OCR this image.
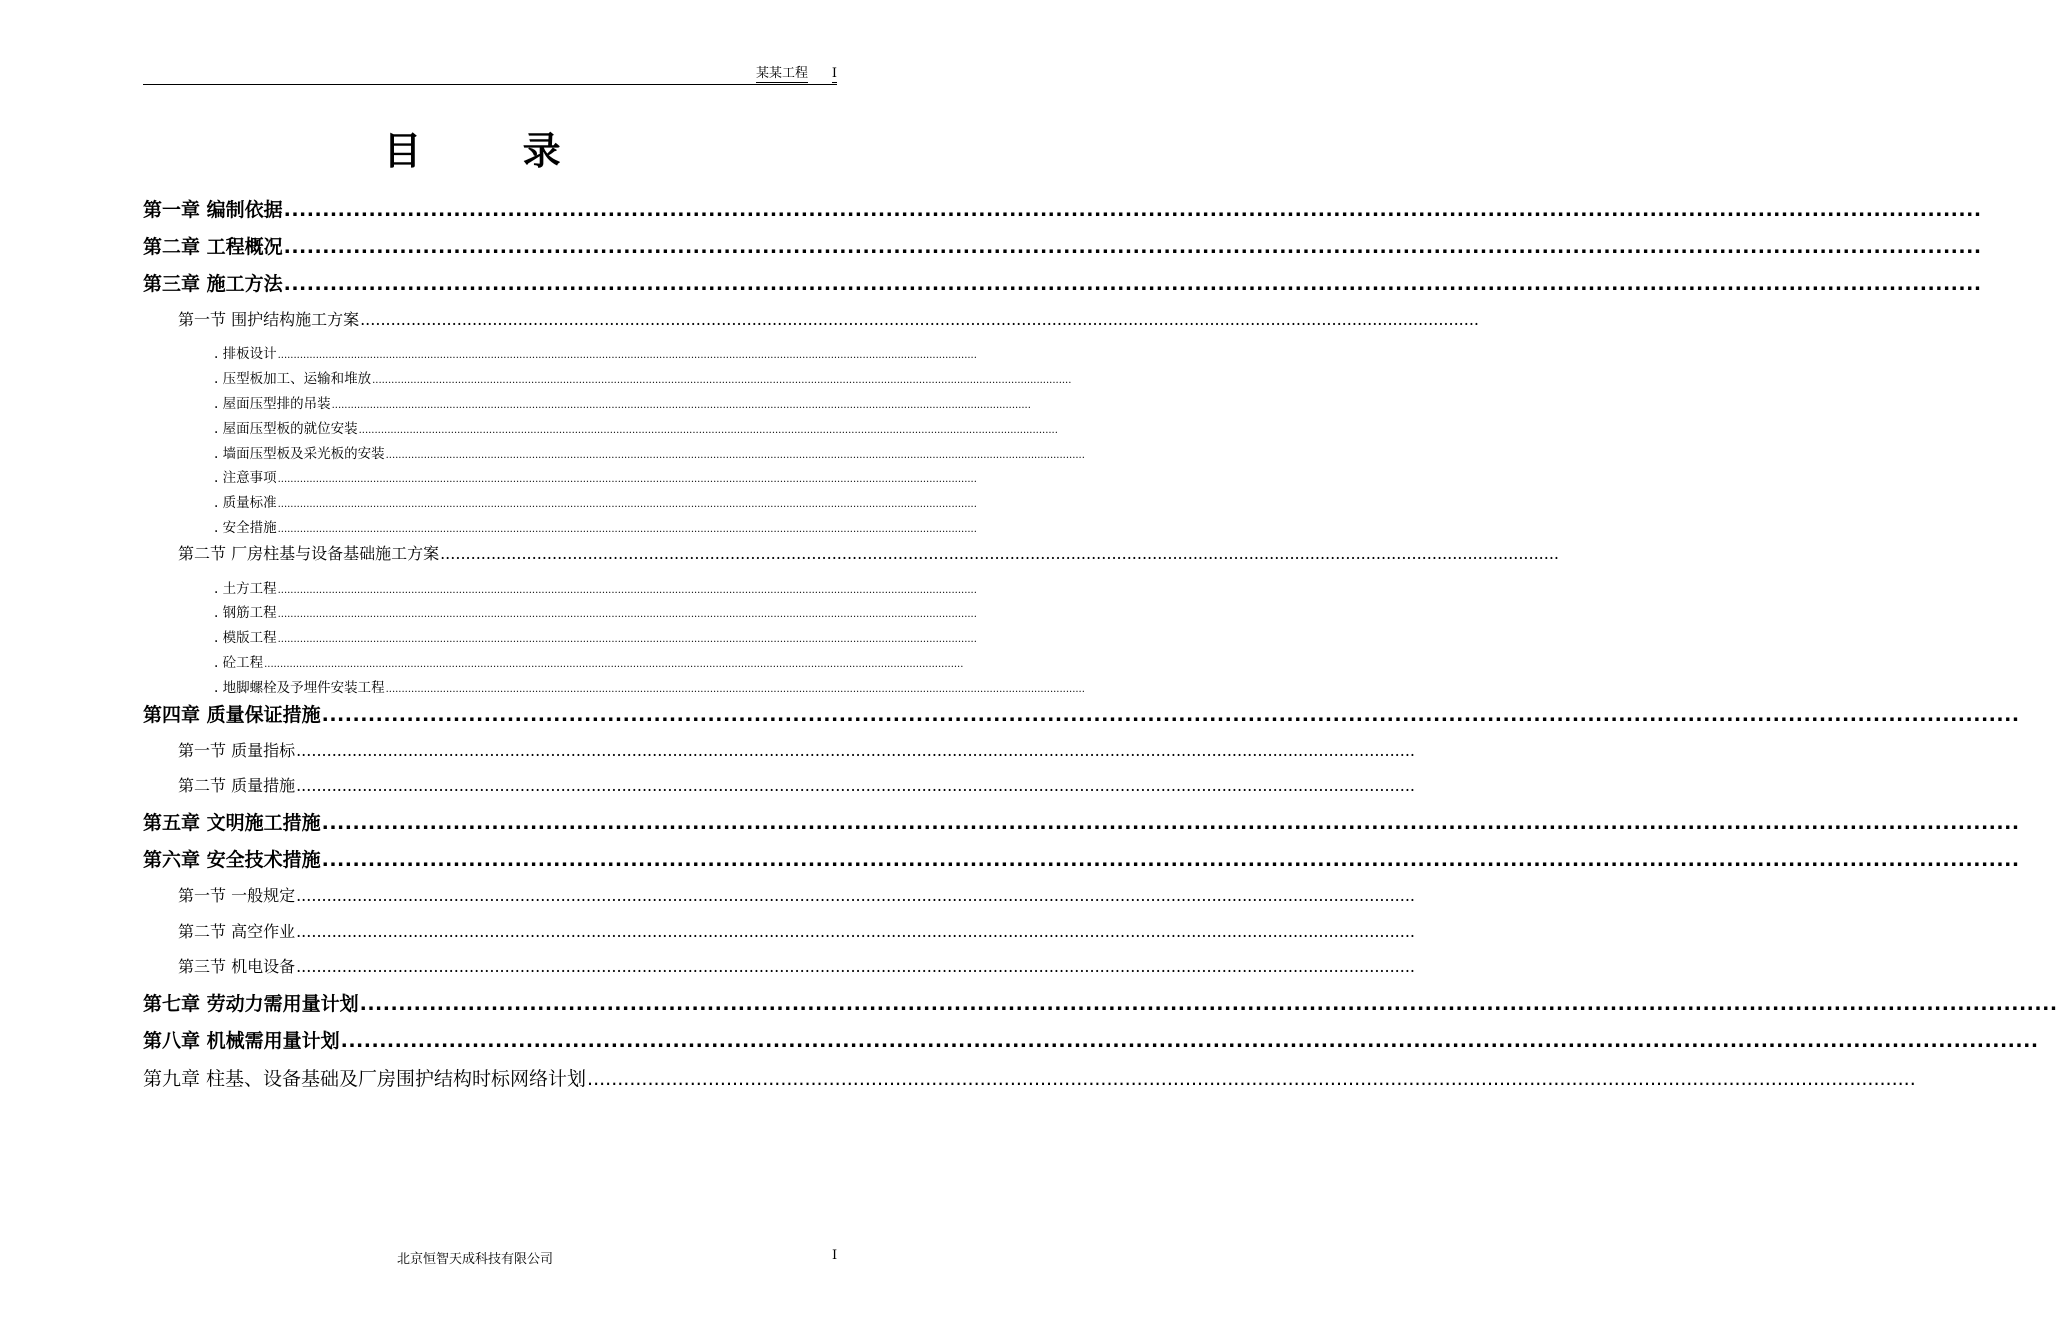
某某工程 I
目 录
第一章 编制依据 ............................................................................................................................................................................................................................
第二章 工程概况 ............................................................................................................................................................................................................................
第三章 施工方法 ............................................................................................................................................................................................................................
第一节 围护结构施工方案 ............................................................................................................................................................................................................................
. 排板设计 ............................................................................................................................................................................................................................
. 压型板加工、运输和堆放 ............................................................................................................................................................................................................................
. 屋面压型排的吊装 ............................................................................................................................................................................................................................
. 屋面压型板的就位安装 ............................................................................................................................................................................................................................
. 墙面压型板及采光板的安装 ............................................................................................................................................................................................................................
. 注意事项 ............................................................................................................................................................................................................................
. 质量标准 ............................................................................................................................................................................................................................
. 安全措施 ............................................................................................................................................................................................................................
第二节 厂房柱基与设备基础施工方案 ............................................................................................................................................................................................................................
. 土方工程 ............................................................................................................................................................................................................................
. 钢筋工程 ............................................................................................................................................................................................................................
. 模版工程 ............................................................................................................................................................................................................................
. 砼工程 ............................................................................................................................................................................................................................
. 地脚螺栓及予埋件安装工程 ............................................................................................................................................................................................................................
第四章 质量保证措施 ............................................................................................................................................................................................................................
第一节 质量指标 ............................................................................................................................................................................................................................
第二节 质量措施 ............................................................................................................................................................................................................................
第五章 文明施工措施 ............................................................................................................................................................................................................................
第六章 安全技术措施 ............................................................................................................................................................................................................................
第一节 一般规定 ............................................................................................................................................................................................................................
第二节 高空作业 ............................................................................................................................................................................................................................
第三节 机电设备 ............................................................................................................................................................................................................................
第七章 劳动力需用量计划 ............................................................................................................................................................................................................................
第八章 机械需用量计划 ............................................................................................................................................................................................................................
第九章 柱基、设备基础及厂房围护结构时标网络计划 ............................................................................................................................................................................................................................
北京恒智天成科技有限公司	I
